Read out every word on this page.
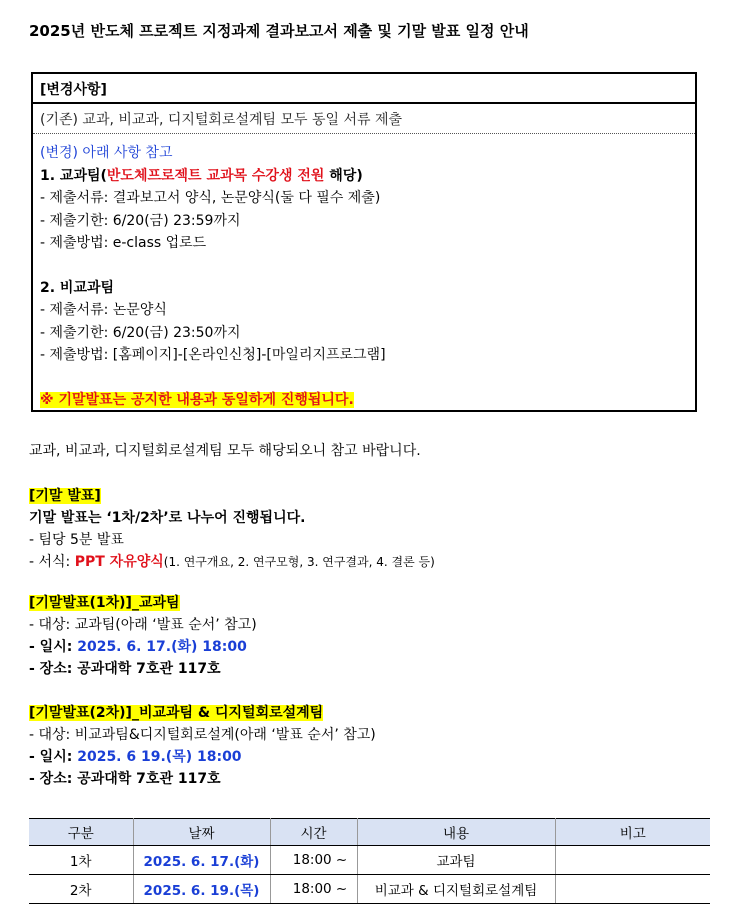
2025년 반도체 프로젝트 지정과제 결과보고서 제출 및 기말 발표 일정 안내
[변경사항]
(기존) 교과, 비교과, 디지털회로설계팀 모두 동일 서류 제출
(변경) 아래 사항 참고
1. 교과팀(반도체프로젝트 교과목 수강생 전원 해당)
- 제출서류: 결과보고서 양식, 논문양식(둘 다 필수 제출)
- 제출기한: 6/20(금) 23:59까지
- 제출방법: e-class 업로드
2. 비교과팀
- 제출서류: 논문양식
- 제출기한: 6/20(금) 23:50까지
- 제출방법: [홈페이지]-[온라인신청]-[마일리지프로그램]
※ 기말발표는 공지한 내용과 동일하게 진행됩니다.
교과, 비교과, 디지털회로설계팀 모두 해당되오니 참고 바랍니다.
[기말 발표]
기말 발표는 ‘1차/2차’로 나누어 진행됩니다.
- 팀당 5분 발표
- 서식: PPT 자유양식(1. 연구개요, 2. 연구모형, 3. 연구결과, 4. 결론 등)
[기말발표(1차)]_교과팀
- 대상: 교과팀(아래 ‘발표 순서’ 참고)
- 일시: 2025. 6. 17.(화) 18:00
- 장소: 공과대학 7호관 117호
[기말발표(2차)]_비교과팀 & 디지털회로설계팀
- 대상: 비교과팀&디지털회로설계(아래 ‘발표 순서’ 참고)
- 일시: 2025. 6 19.(목) 18:00
- 장소: 공과대학 7호관 117호
구분	날짜	시간	내용	비고
1차	2025. 6. 17.(화)	18:00 ~	교과팀	
2차	2025. 6. 19.(목)	18:00 ~	비교과 & 디지털회로설계팀	
